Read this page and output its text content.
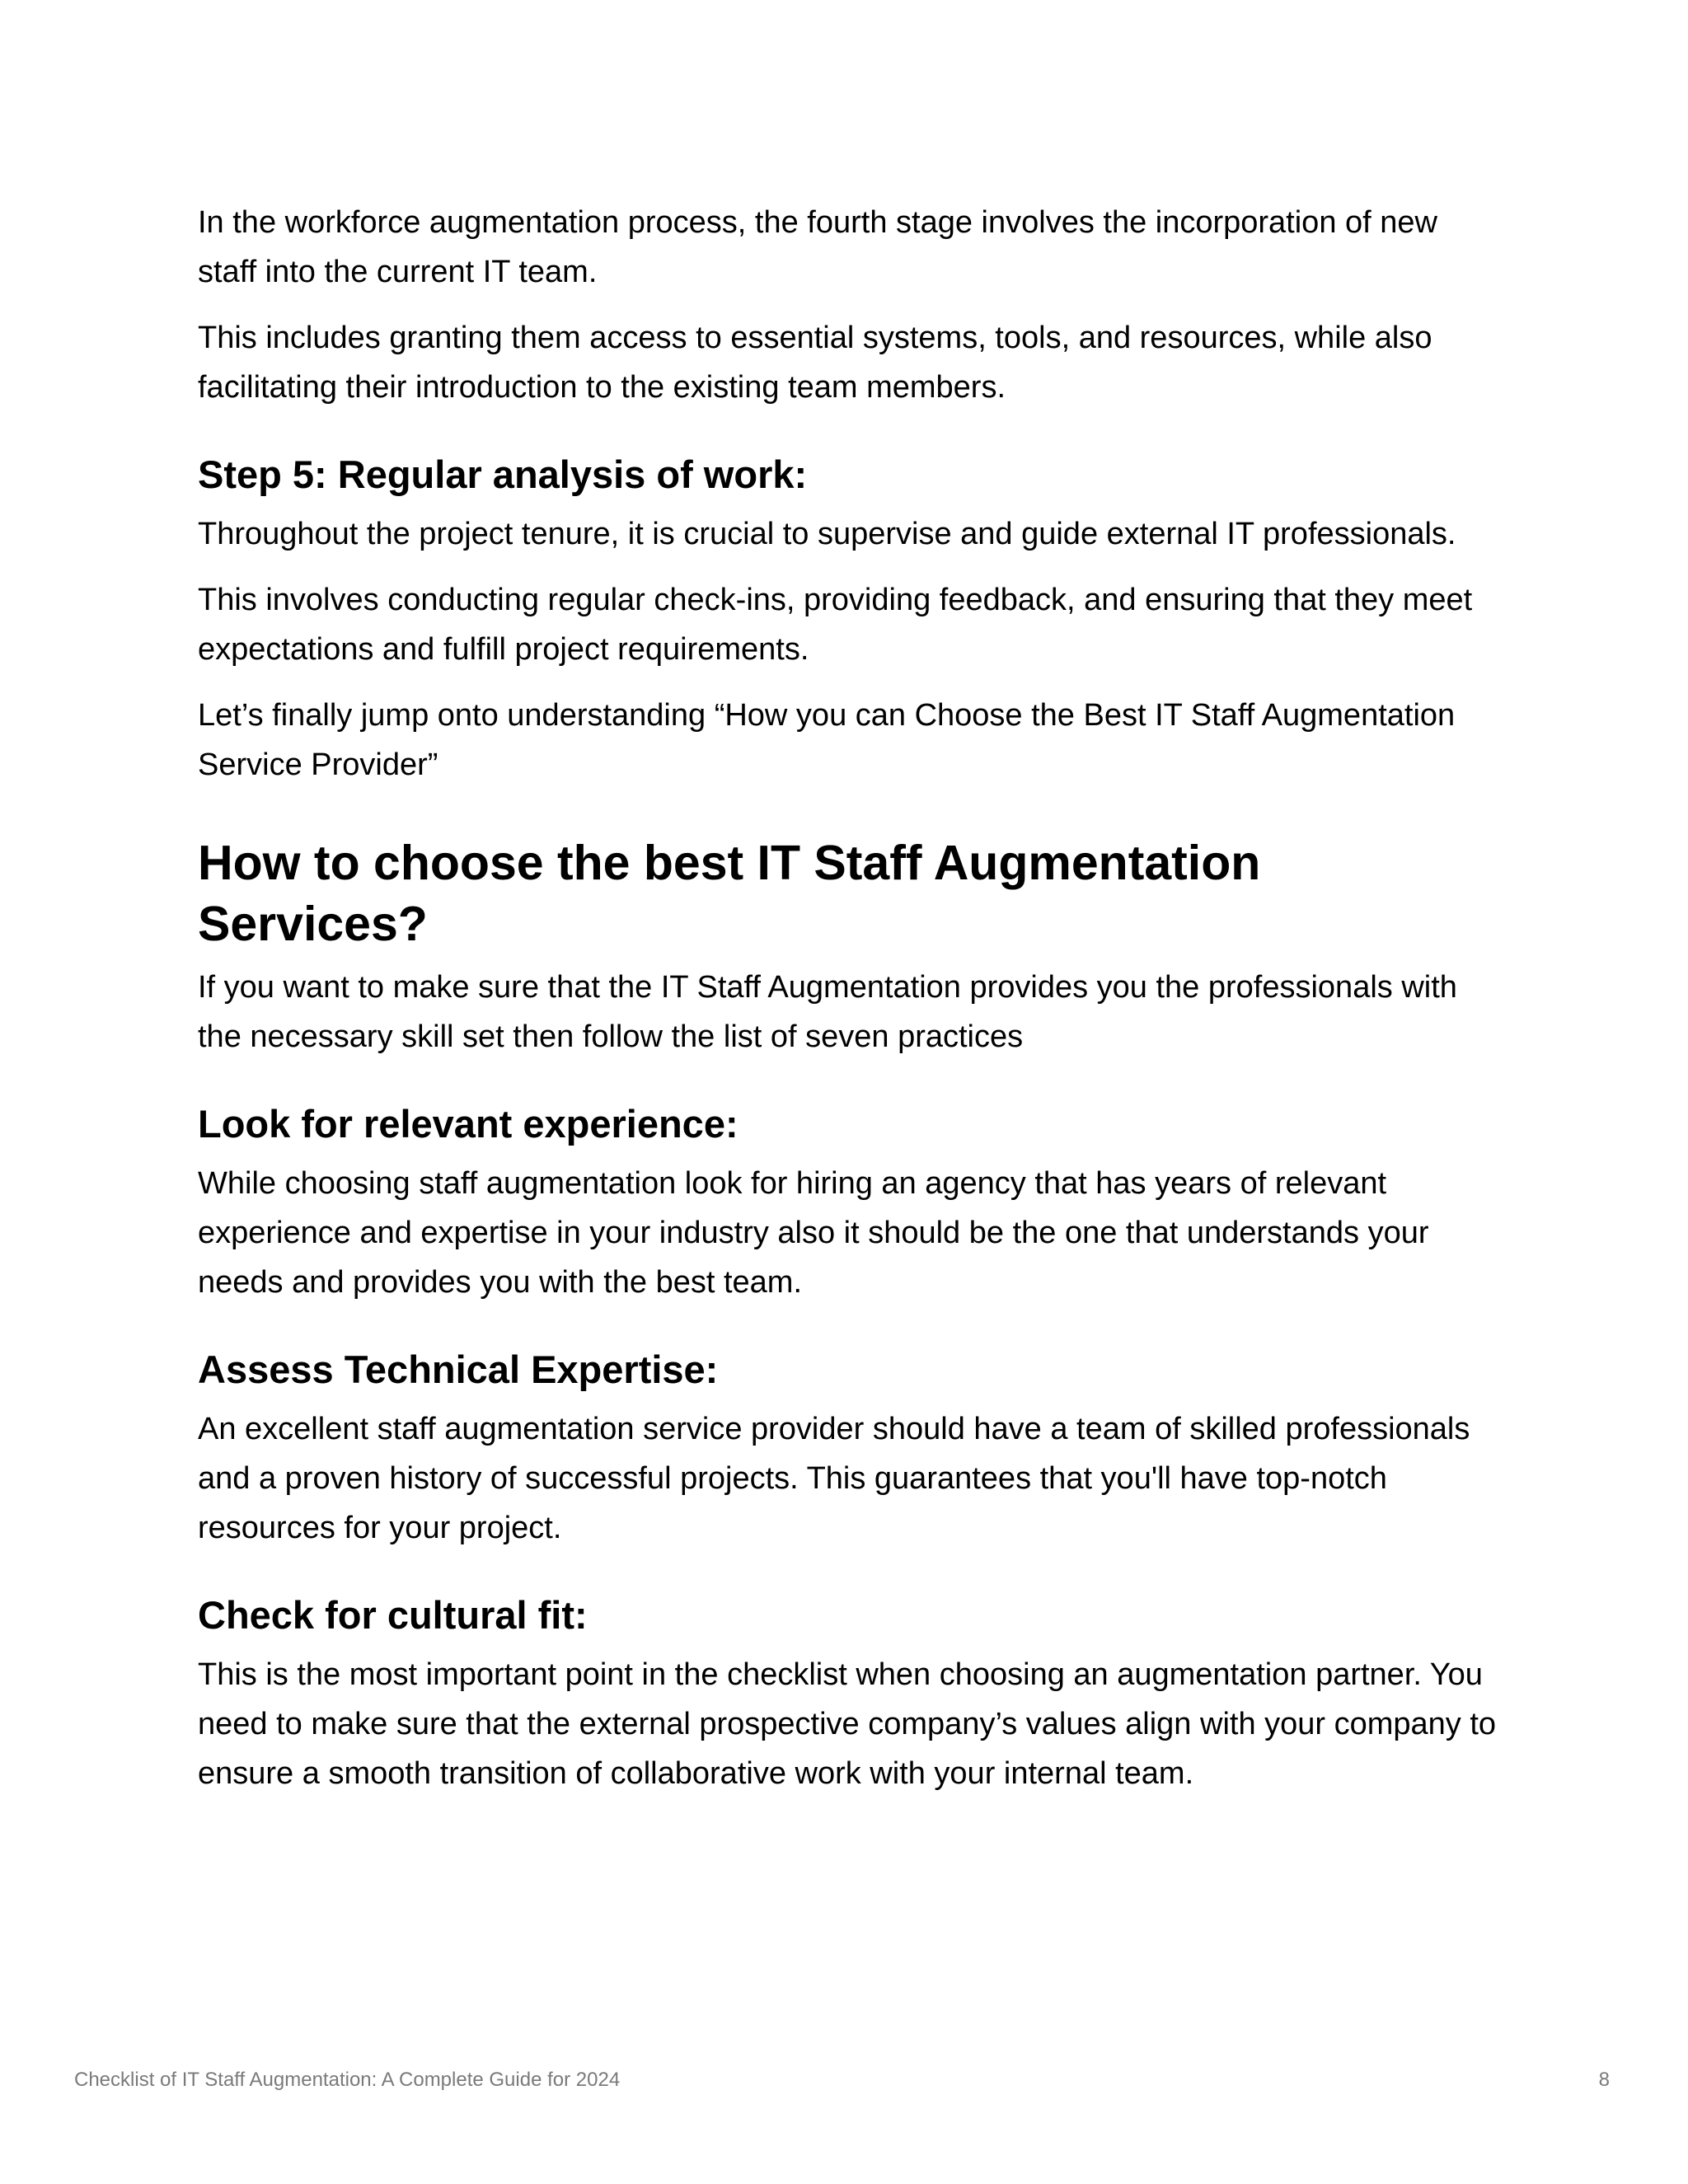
In the workforce augmentation process, the fourth stage involves the incorporation of new staff into the current IT team.

This includes granting them access to essential systems, tools, and resources, while also facilitating their introduction to the existing team members.

Step 5: Regular analysis of work:

Throughout the project tenure, it is crucial to supervise and guide external IT professionals.

This involves conducting regular check-ins, providing feedback, and ensuring that they meet expectations and fulfill project requirements.

Let’s finally jump onto understanding “How you can Choose the Best IT Staff Augmentation Service Provider”

How to choose the best IT Staff Augmentation Services?

If you want to make sure that the IT Staff Augmentation provides you the professionals with the necessary skill set then follow the list of seven practices

Look for relevant experience:

While choosing staff augmentation look for hiring an agency that has years of relevant experience and expertise in your industry also it should be the one that understands your needs and provides you with the best team.

Assess Technical Expertise:

An excellent staff augmentation service provider should have a team of skilled professionals and a proven history of successful projects. This guarantees that you'll have top-notch resources for your project.

Check for cultural fit:

This is the most important point in the checklist when choosing an augmentation partner. You need to make sure that the external prospective company’s values align with your company to ensure a smooth transition of collaborative work with your internal team.

Checklist of IT Staff Augmentation: A Complete Guide for 2024	8
